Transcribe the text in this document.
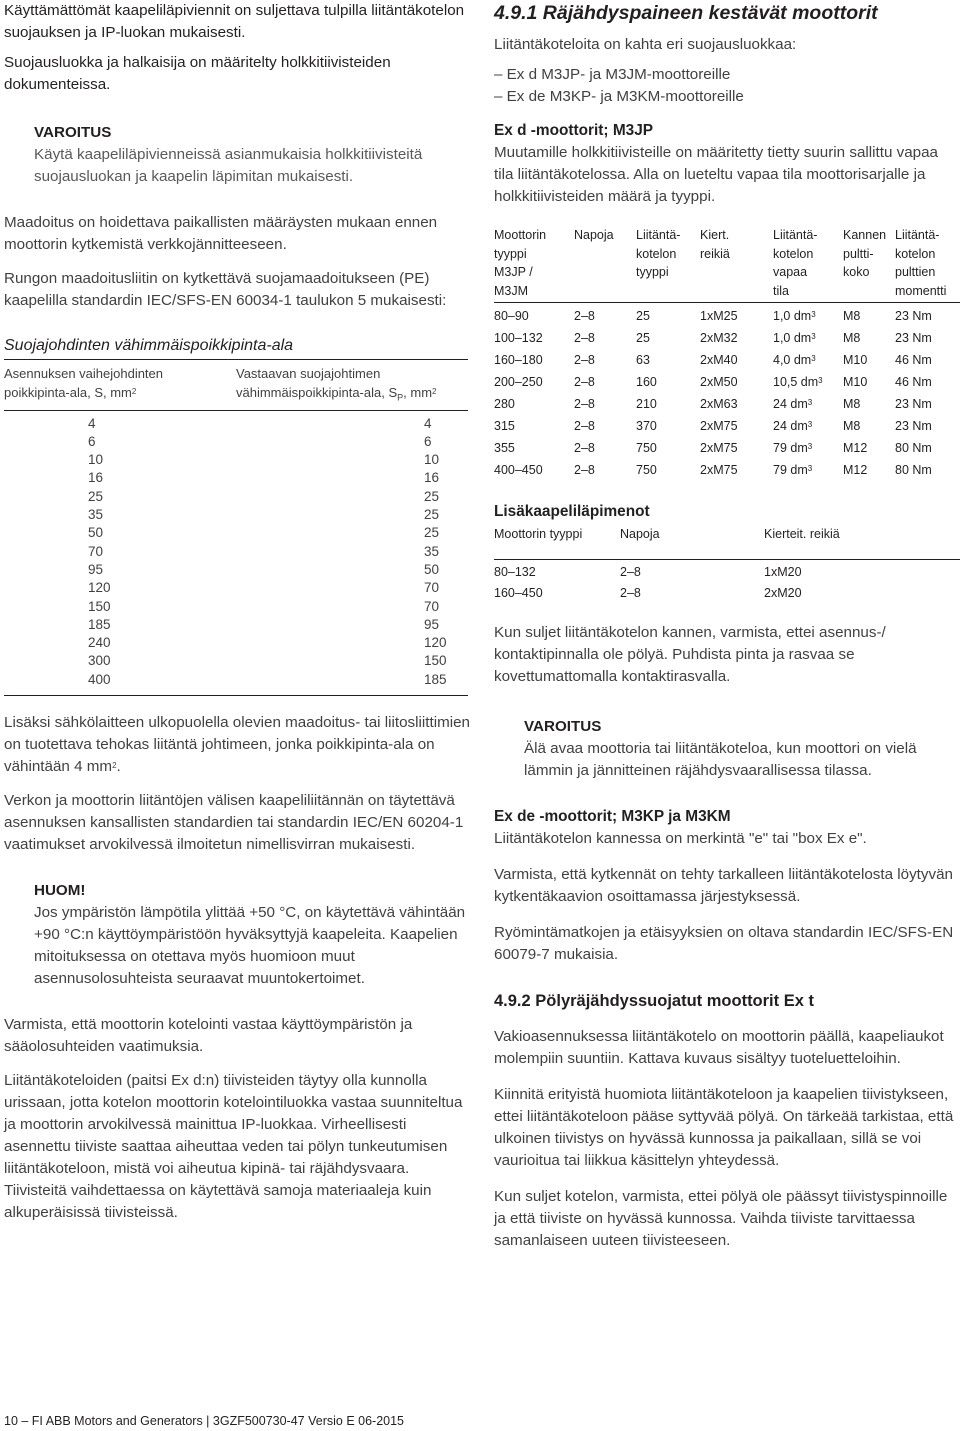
Käyttämättömät kaapeliläpiviennit on suljettava tulpilla liitäntäkotelon suojauksen ja IP-luokan mukaisesti.

Suojausluokka ja halkaisija on määritelty holkkitiivisteiden dokumenteissa.

VAROITUS

Käytä kaapeliläpivienneissä asianmukaisia holkkitiivisteitä suojausluokan ja kaapelin läpimitan mukaisesti.

Maadoitus on hoidettava paikallisten määräysten mukaan ennen moottorin kytkemistä verkkojännitteeseen.

Rungon maadoitusliitin on kytkettävä suojamaadoitukseen (PE) kaapelilla standardin IEC/SFS-EN 60034-1 taulukon 5 mukaisesti:

Suojajohdinten vähimmäispoikkipinta-ala
Asennuksen vaihejohdinten
poikkipinta-ala, S, $mm^2$	Vastaavan suojajohtimen
vähimmäispoikkipinta-ala, $S_P$, $mm^2$
4	4
6	6
10	10
16	16
25	25
35	25
50	25
70	35
95	50
120	70
150	70
185	95
240	120
300	150
400	185

Lisäksi sähkölaitteen ulkopuolella olevien maadoitus- tai liitosliittimien on tuotettava tehokas liitäntä johtimeen, jonka poikkipinta-ala on vähintään 4 $mm^2$.

Verkon ja moottorin liitäntöjen välisen kaapeliliitännän on täytettävä asennuksen kansallisten standardien tai standardin IEC/EN 60204-1 vaatimukset arvokilvessä ilmoitetun nimellisvirran mukaisesti.

HUOM!

Jos ympäristön lämpötila ylittää +50 °C, on käytettävä vähintään +90 °C:n käyttöympäristöön hyväksyttyjä kaapeleita. Kaapelien mitoituksessa on otettava myös huomioon muut asennusolosuhteista seuraavat muuntokertoimet.

Varmista, että moottorin kotelointi vastaa käyttöympäristön ja sääolosuhteiden vaatimuksia.

Liitäntäkoteloiden (paitsi Ex d:n) tiivisteiden täytyy olla kunnolla urissaan, jotta kotelon moottorin kotelointiluokka vastaa suunniteltua ja moottorin arvokilvessä mainittua IP-luokkaa. Virheellisesti asennettu tiiviste saattaa aiheuttaa veden tai pölyn tunkeutumisen liitäntäkoteloon, mistä voi aiheutua kipinä- tai räjähdysvaara. Tiivisteitä vaihdettaessa on käytettävä samoja materiaaleja kuin alkuperäisissä tiivisteissä.

4.9.1 Räjähdyspaineen kestävät moottorit

Liitäntäkoteloita on kahta eri suojausluokkaa:

– Ex d M3JP- ja M3JM-moottoreille
– Ex de M3KP- ja M3KM-moottoreille
Ex d -moottorit; M3JP

Muutamille holkkitiivisteille on määritetty tietty suurin sallittu vapaa tila liitäntäkotelossa. Alla on lueteltu vapaa tila moottorisarjalle ja holkkitiivisteiden määrä ja tyyppi.

Moottorin
tyyppi
M3JP /
M3JM	Napoja	Liitäntä-
kotelon
tyyppi	Kiert.
reikiä	Liitäntä-
kotelon
vapaa
tila	Kannen
pultti-
koko	Liitäntä-
kotelon
pulttien
momentti
80–90	2–8	25	1xM25	1,0 $dm^3$	M8	23 Nm
100–132	2–8	25	2xM32	1,0 $dm^3$	M8	23 Nm
160–180	2–8	63	2xM40	4,0 $dm^3$	M10	46 Nm
200–250	2–8	160	2xM50	10,5 $dm^3$	M10	46 Nm
280	2–8	210	2xM63	24 $dm^3$	M8	23 Nm
315	2–8	370	2xM75	24 $dm^3$	M8	23 Nm
355	2–8	750	2xM75	79 $dm^3$	M12	80 Nm
400–450	2–8	750	2xM75	79 $dm^3$	M12	80 Nm
Lisäkaapeliläpimenot
Moottorin tyyppi	Napoja	Kierteit. reikiä
80–132	2–8	1xM20
160–450	2–8	2xM20

Kun suljet liitäntäkotelon kannen, varmista, ettei asennus-/ kontaktipinnalla ole pölyä. Puhdista pinta ja rasvaa se kovettumattomalla kontaktirasvalla.

VAROITUS

Älä avaa moottoria tai liitäntäkoteloa, kun moottori on vielä lämmin ja jännitteinen räjähdysvaarallisessa tilassa.

Ex de -moottorit; M3KP ja M3KM

Liitäntäkotelon kannessa on merkintä "e" tai "box Ex e".

Varmista, että kytkennät on tehty tarkalleen liitäntäkotelosta löytyvän kytkentäkaavion osoittamassa järjestyksessä.

Ryömintämatkojen ja etäisyyksien on oltava standardin IEC/SFS-EN 60079-7 mukaisia.

4.9.2 Pölyräjähdyssuojatut moottorit Ex t

Vakioasennuksessa liitäntäkotelo on moottorin päällä, kaapeliaukot molempiin suuntiin. Kattava kuvaus sisältyy tuoteluetteloihin.

Kiinnitä erityistä huomiota liitäntäkoteloon ja kaapelien tiivistykseen, ettei liitäntäkoteloon pääse syttyvää pölyä. On tärkeää tarkistaa, että ulkoinen tiivistys on hyvässä kunnossa ja paikallaan, sillä se voi vaurioitua tai liikkua käsittelyn yhteydessä.

Kun suljet kotelon, varmista, ettei pölyä ole päässyt tiivistyspinnoille ja että tiiviste on hyvässä kunnossa. Vaihda tiiviste tarvittaessa samanlaiseen uuteen tiivisteeseen.

10 – FI ABB Motors and Generators | 3GZF500730-47 Versio E 06-2015
